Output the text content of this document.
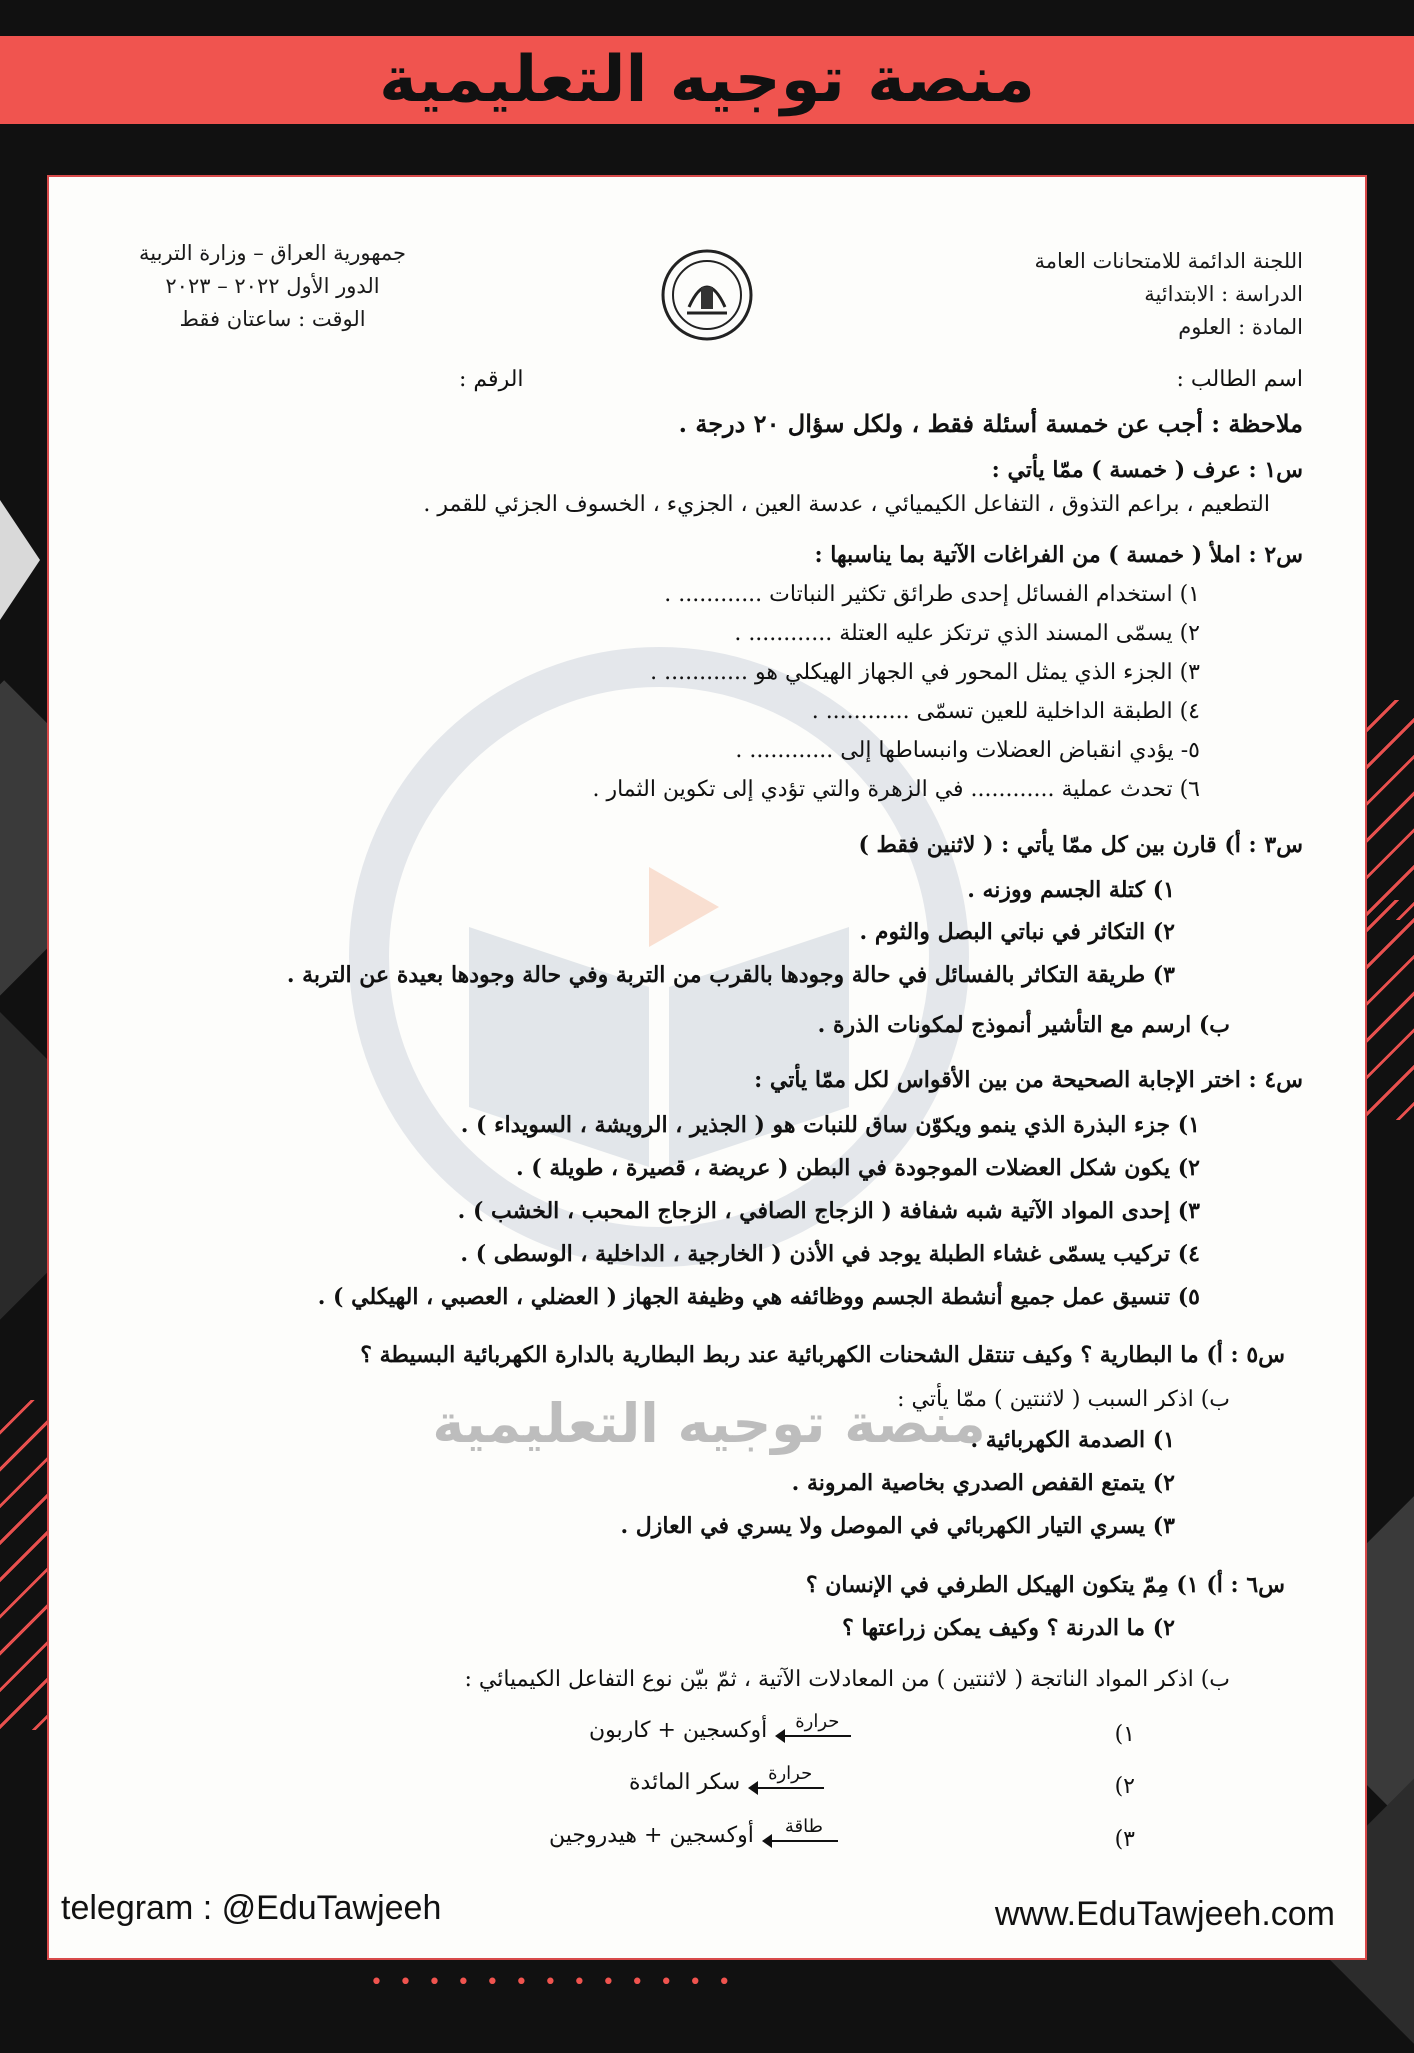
منصة توجيه التعليمية
اللجنة الدائمة للامتحانات العامة
الدراسة : الابتدائية
المادة : العلوم
جمهورية العراق – وزارة التربية
الدور الأول ٢٠٢٢ – ٢٠٢٣
الوقت : ساعتان فقط
اسم الطالب :
الرقم :
ملاحظة : أجب عن خمسة أسئلة فقط ، ولكل سؤال ٢٠ درجة .
س١ : عرف ( خمسة ) ممّا يأتي :
التطعيم ، براعم التذوق ، التفاعل الكيميائي ، عدسة العين ، الجزيء ، الخسوف الجزئي للقمر .
س٢ : املأ ( خمسة ) من الفراغات الآتية بما يناسبها :
١) استخدام الفسائل إحدى طرائق تكثير النباتات ............ .
٢) يسمّى المسند الذي ترتكز عليه العتلة ............ .
٣) الجزء الذي يمثل المحور في الجهاز الهيكلي هو ............ .
٤) الطبقة الداخلية للعين تسمّى ............ .
٥- يؤدي انقباض العضلات وانبساطها إلى ............ .
٦) تحدث عملية ............ في الزهرة والتي تؤدي إلى تكوين الثمار .
س٣ : أ) قارن بين كل ممّا يأتي : ( لاثنين فقط )
١) كتلة الجسم ووزنه .
٢) التكاثر في نباتي البصل والثوم .
٣) طريقة التكاثر بالفسائل في حالة وجودها بالقرب من التربة وفي حالة وجودها بعيدة عن التربة .
ب) ارسم مع التأشير أنموذج لمكونات الذرة .
س٤ : اختر الإجابة الصحيحة من بين الأقواس لكل ممّا يأتي :
١) جزء البذرة الذي ينمو ويكوّن ساق للنبات هو ( الجذير ، الرويشة ، السويداء ) .
٢) يكون شكل العضلات الموجودة في البطن ( عريضة ، قصيرة ، طويلة ) .
٣) إحدى المواد الآتية شبه شفافة ( الزجاج الصافي ، الزجاج المحبب ، الخشب ) .
٤) تركيب يسمّى غشاء الطبلة يوجد في الأذن ( الخارجية ، الداخلية ، الوسطى ) .
٥) تنسيق عمل جميع أنشطة الجسم ووظائفه هي وظيفة الجهاز ( العضلي ، العصبي ، الهيكلي ) .
س٥ : أ) ما البطارية ؟ وكيف تنتقل الشحنات الكهربائية عند ربط البطارية بالدارة الكهربائية البسيطة ؟
ب) اذكر السبب ( لاثنتين ) ممّا يأتي :
١) الصدمة الكهربائية .
٢) يتمتع القفص الصدري بخاصية المرونة .
٣) يسري التيار الكهربائي في الموصل ولا يسري في العازل .
س٦ : أ) ١) مِمّ يتكون الهيكل الطرفي في الإنسان ؟
٢) ما الدرنة ؟ وكيف يمكن زراعتها ؟
ب) اذكر المواد الناتجة ( لاثنتين ) من المعادلات الآتية ، ثمّ بيّن نوع التفاعل الكيميائي :
١)
حرارة
أوكسجين + كاربون
٢)
حرارة
سكر المائدة
٣)
طاقة
أوكسجين + هيدروجين
منصة توجيه التعليمية
telegram : @EduTawjeeh	www.EduTawjeeh.com
•••••••••••••
